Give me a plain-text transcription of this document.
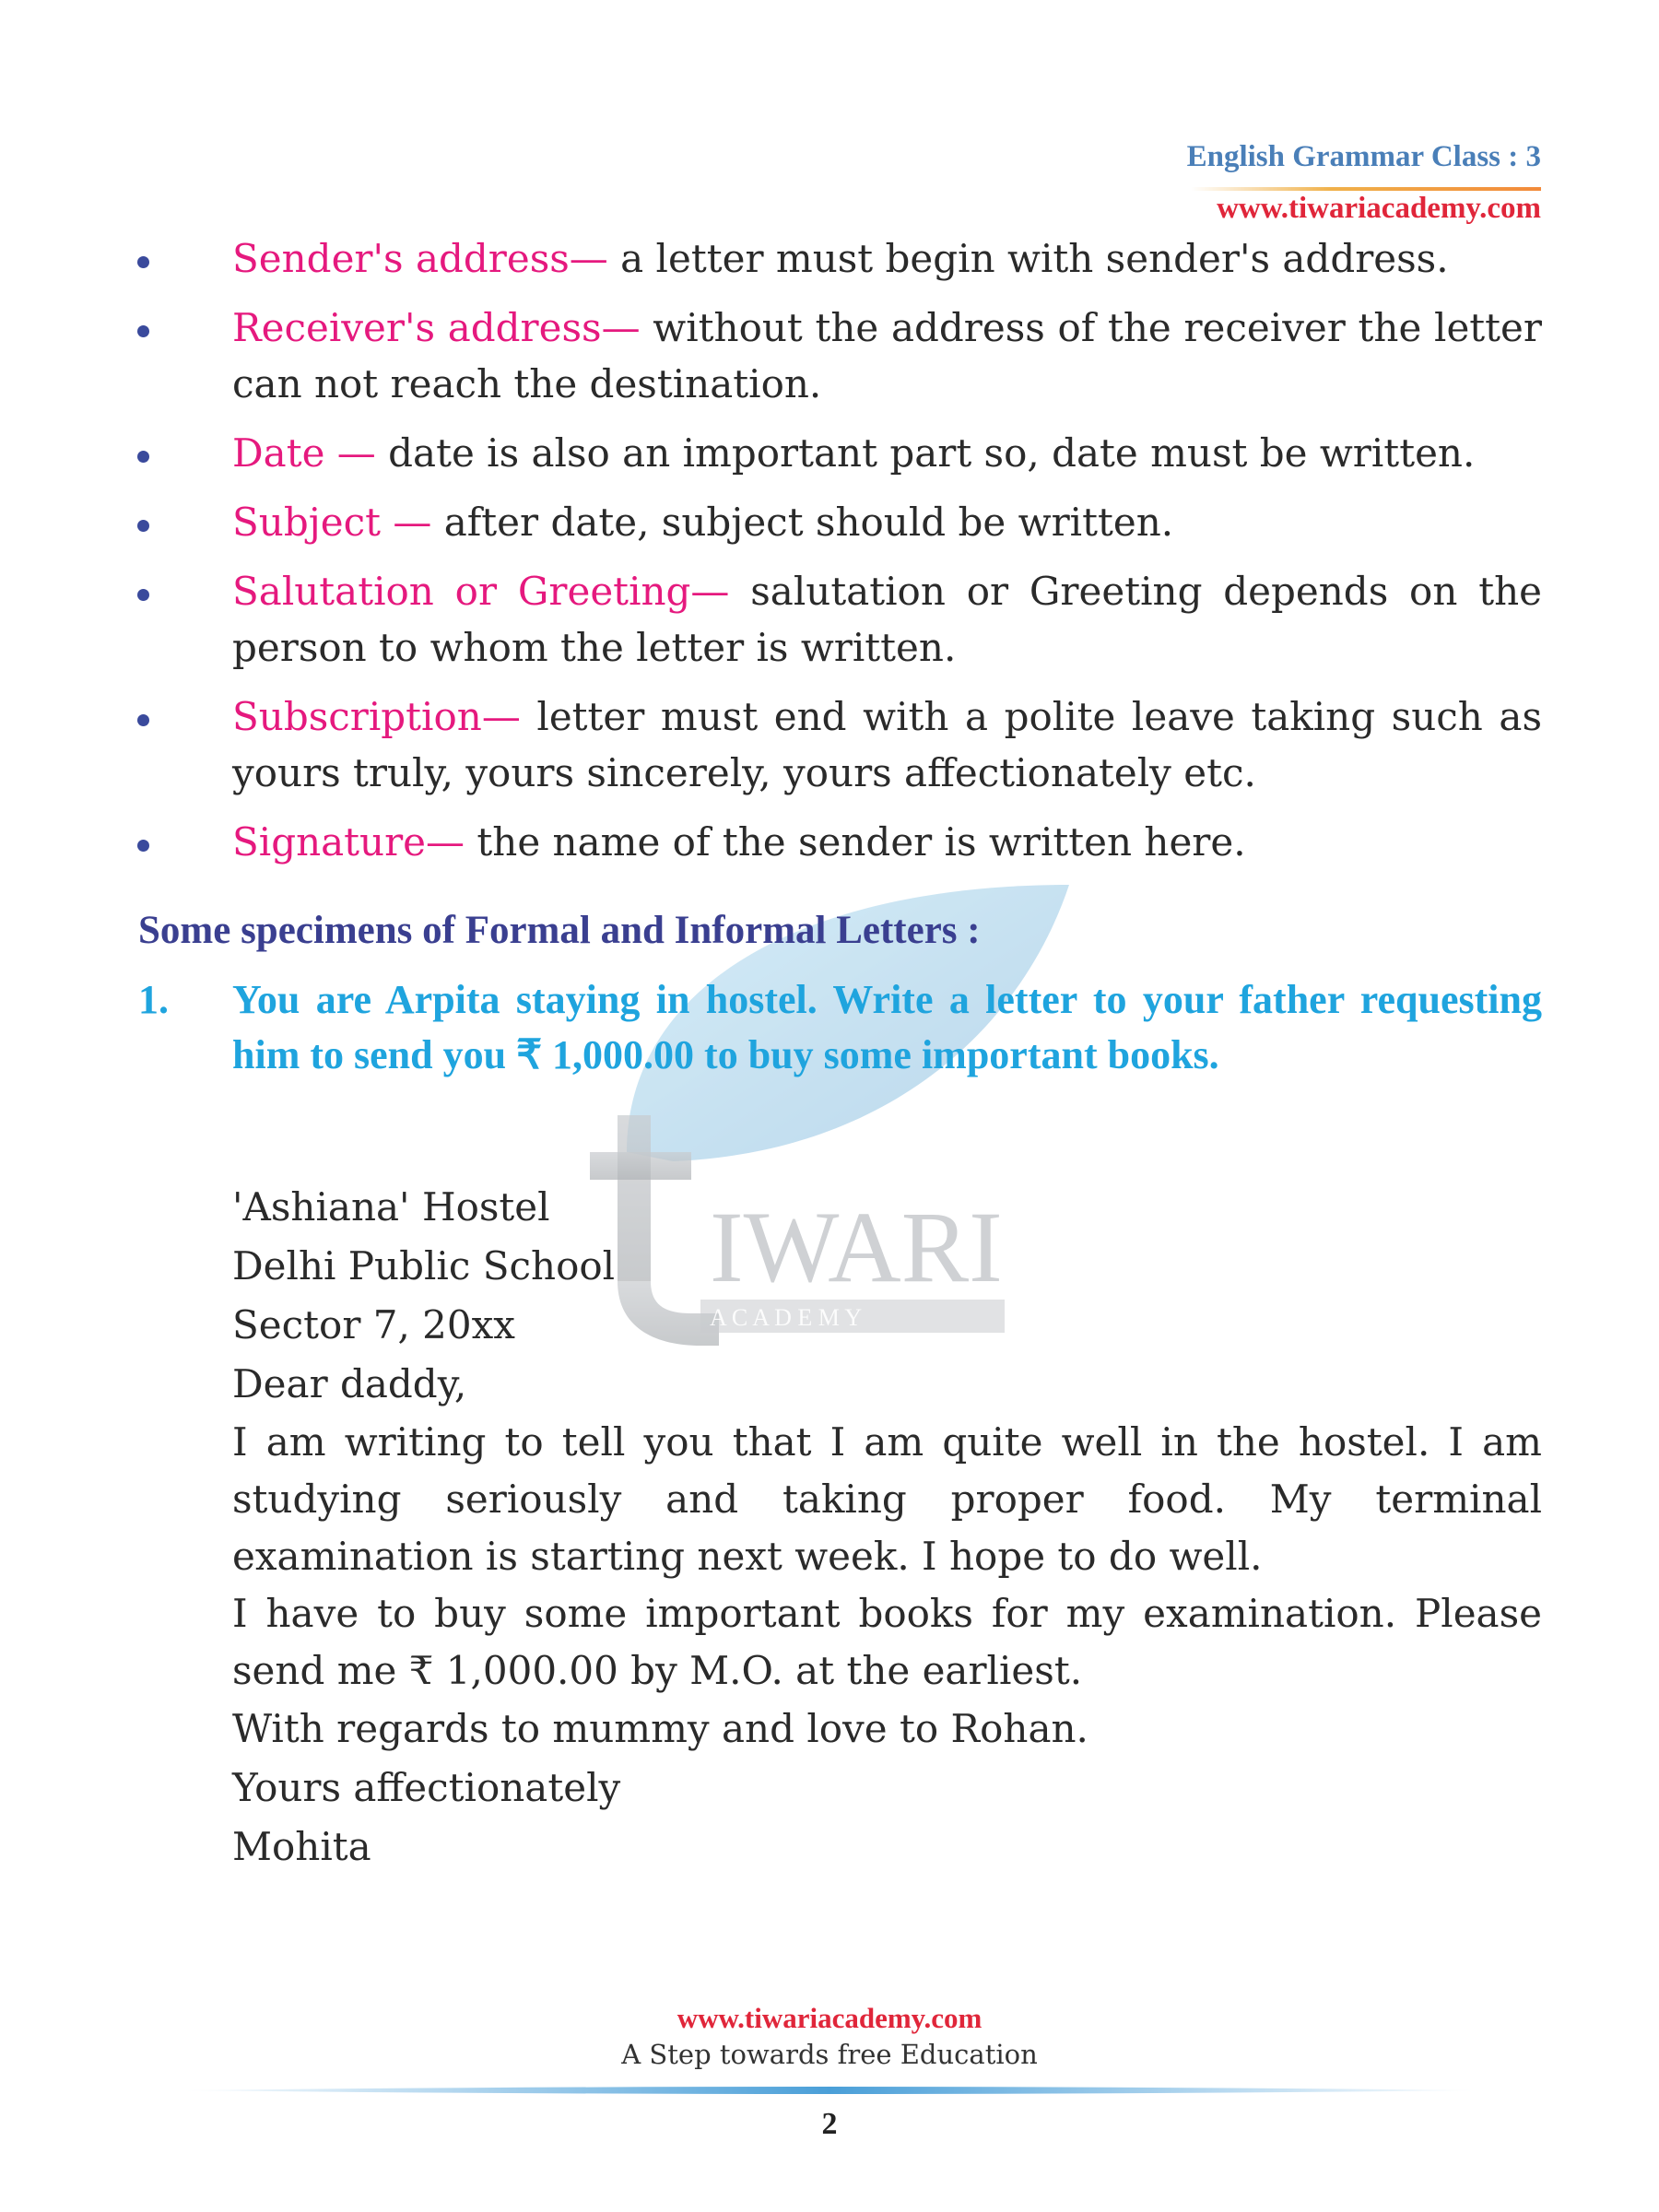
English Grammar Class : 3
www.tiwariacademy.com
IWARI
A C A D E M Y
Sender's address— a letter must begin with sender's address.
Receiver's address— without the address of the receiver the letter can not reach the destination.
Date — date is also an important part so, date must be written.
Subject — after date, subject should be written.
Salutation or Greeting— salutation or Greeting depends on the person to whom the letter is written.
Subscription— letter must end with a polite leave taking such as yours truly, yours sincerely, yours affectionately etc.
Signature— the name of the sender is written here.
Some specimens of Formal and Informal Letters :
1. You are Arpita staying in hostel. Write a letter to your father requesting him to send you ₹ 1,000.00 to buy some important books.
'Ashiana' Hostel
Delhi Public School
Sector 7, 20xx
Dear daddy,
I am writing to tell you that I am quite well in the hostel. I am studying seriously and taking proper food. My terminal examination is starting next week. I hope to do well.
I have to buy some important books for my examination. Please send me ₹ 1,000.00 by M.O. at the earliest.
With regards to mummy and love to Rohan.
Yours affectionately
Mohita
www.tiwariacademy.com
A Step towards free Education
2
